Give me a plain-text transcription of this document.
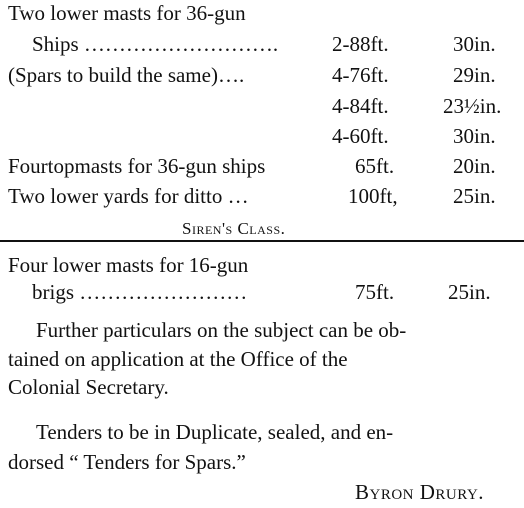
Two lower masts for 36-gun
Ships ……………………….	2-88ft.	30in.
(Spars to build the same)….	4-76ft.	29in.
4-84ft.	23½in.
4-60ft.	30in.
Fourtopmasts for 36-gun ships	65ft.	20in.
Two lower yards for ditto …	100ft,	25in.
Siren's Class.
Four lower masts for 16-gun
brigs ……………………	75ft.	25in.
Further particulars on the subject can be ob-
tained on application at the Office of the
Colonial Secretary.
Tenders to be in Duplicate, sealed, and en-
dorsed “ Tenders for Spars.”
Byron Drury.
